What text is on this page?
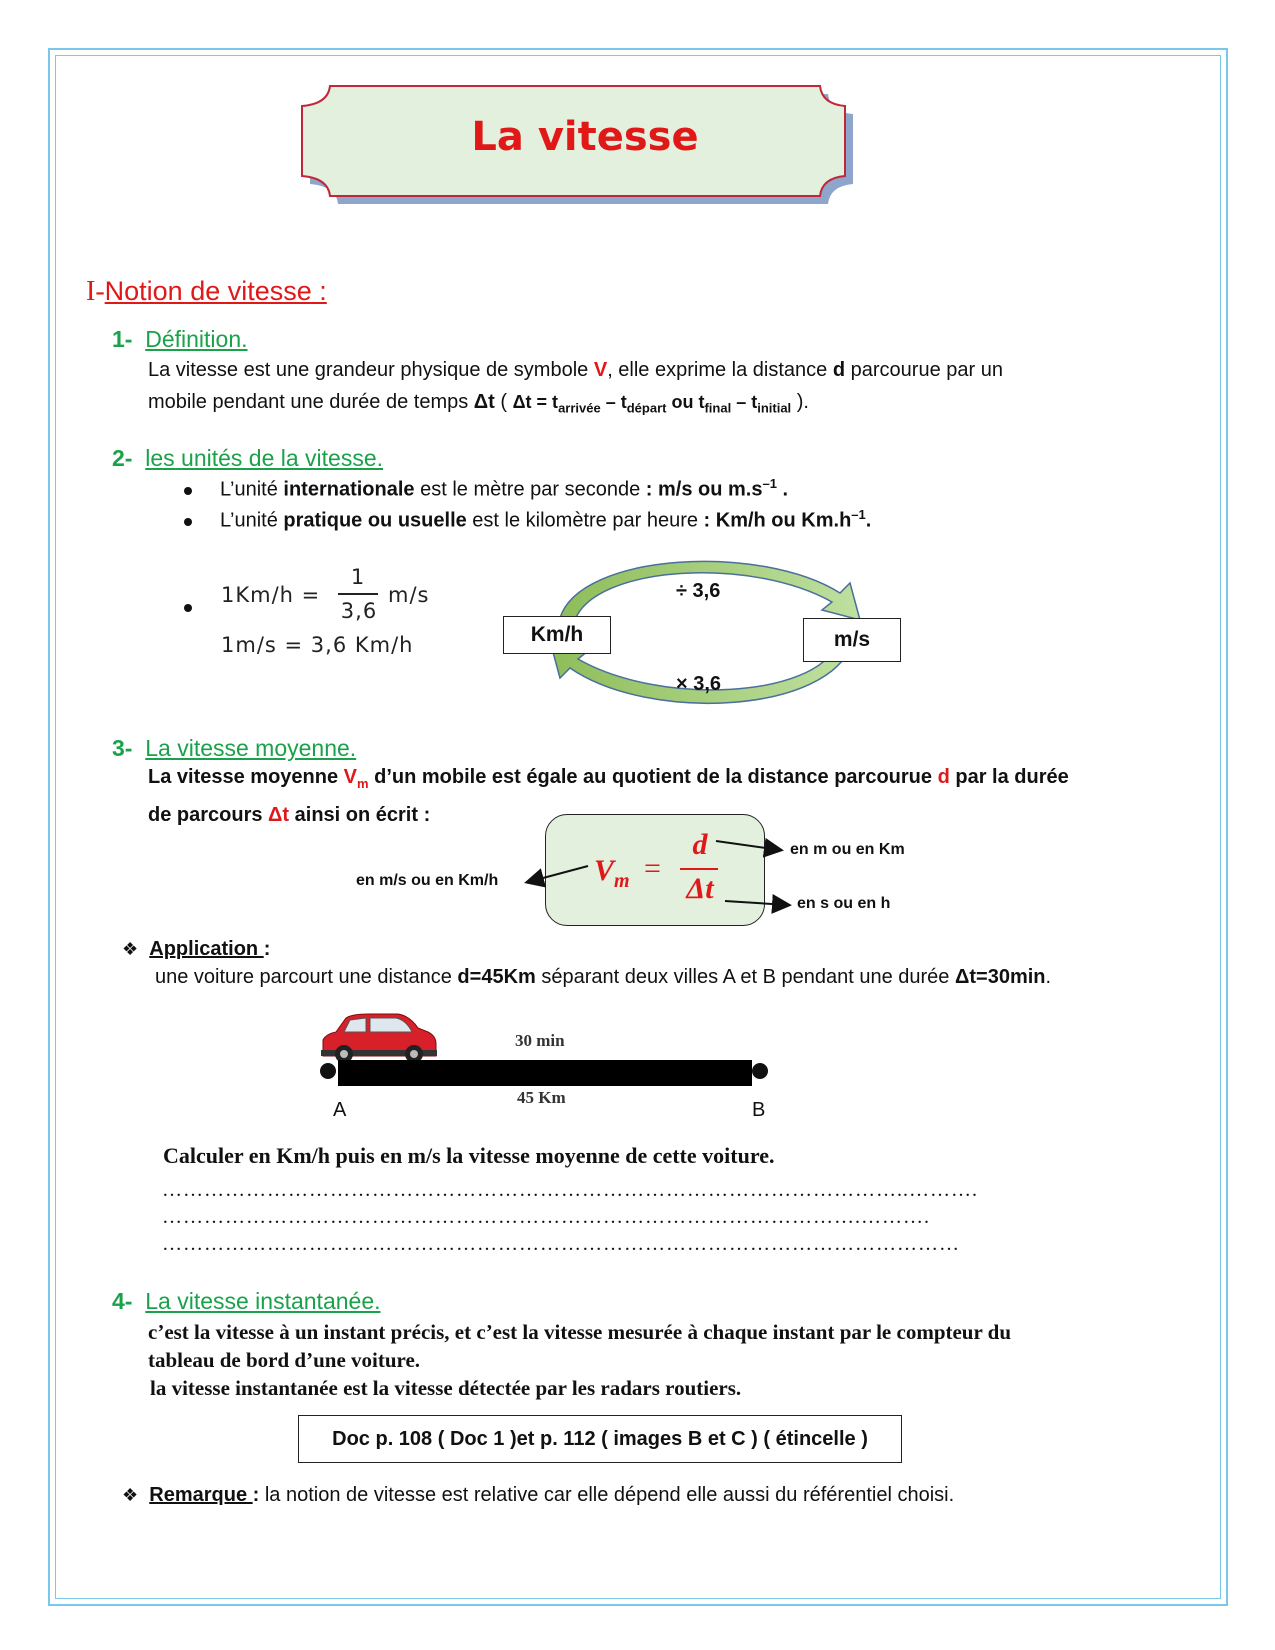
La vitesse
I-Notion de vitesse :
1- Définition.
La vitesse est une grandeur physique de symbole V, elle exprime la distance d parcourue par un
mobile pendant une durée de temps Δt ( $\Delta t = t_{arrivée} - t_{départ}$ ou $t_{final} - t_{initial}$ ).
2- les unités de la vitesse.
L’unité internationale est le mètre par seconde : m/s ou $m.s^{-1}$ .
L’unité pratique ou usuelle est le kilomètre par heure : Km/h ou $Km.h^{-1}$.
1Km/h =
1
3,6
m/s
1m/s = 3,6 Km/h	Km/h	m/s
÷ 3,6
× 3,6
3- La vitesse moyenne.
La vitesse moyenne $V_m$ d’un mobile est égale au quotient de la distance parcourue d par la durée
de parcours Δt ainsi on écrit :
$V_m$ =
d
Δt
en m/s ou en Km/h
en m ou en Km
en s ou en h
❖ Application :
une voiture parcourt une distance d=45Km séparant deux villes A et B pendant une durée Δt=30min.
30 min
45 Km
A	B
Calculer en Km/h puis en m/s la vitesse moyenne de cette voiture.
……………………………………………………………………………………………..……….
……………………………………………………………………………………….……….
……………………………………………………………………………………………………
4- La vitesse instantanée.
c’est la vitesse à un instant précis, et c’est la vitesse mesurée à chaque instant par le compteur du
tableau de bord d’une voiture.
la vitesse instantanée est la vitesse détectée par les radars routiers.
Doc p. 108 ( Doc 1 )et p. 112 ( images B et C ) ( étincelle )
❖ Remarque : la notion de vitesse est relative car elle dépend elle aussi du référentiel choisi.
